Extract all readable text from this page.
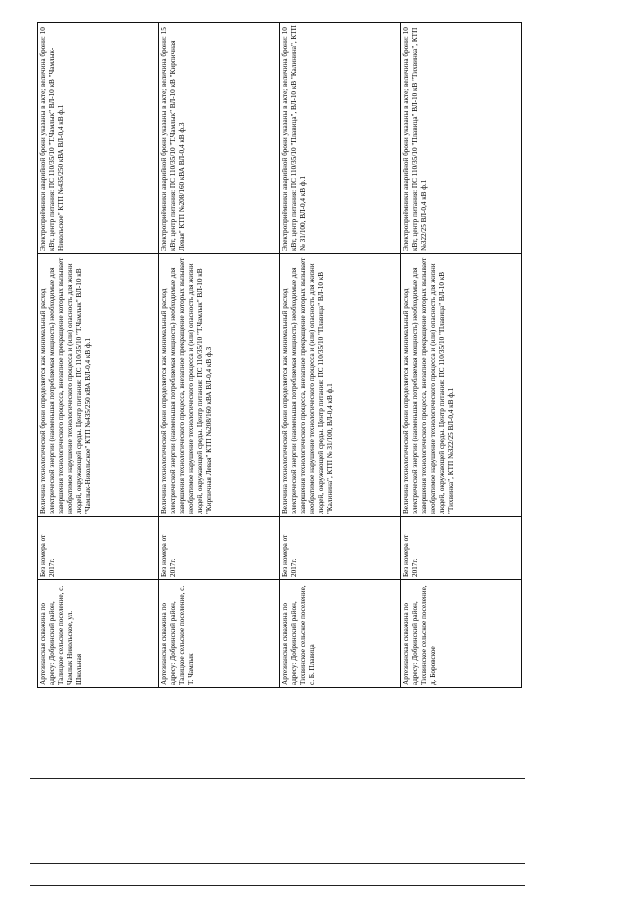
Артезианская скважина по адресу: Добринский район, Талицкое сельское поселение, с. Чамлык Никольское, ул. Школьная	Без номера от 2017г.	Величина технологической брони определяется как минимальный расход электрической энергии (наименьшая потребляемая мощность) необходимые для завершения технологического процесса, внезапное прекращение которых вызывает необратимое нарушение технологического процесса и (или) опасность для жизни людей, окружающей среды. Центр питания: ПС 110/35/10 "Т.Чамлык" ВЛ-10 кВ "Чамлык-Никольское" КТП №435/250 кВА ВЛ-0,4 кВ ф.1	Электроприёмники аварийной брони указаны в акте; величина брони: 10 кВт, центр питания: ПС 110/35/10 "Т.Чамлык" ВЛ-10 кВ "Чамлык-Никольское" КТП №435/250 кВА ВЛ-0,4 кВ ф.1
Артезианская скважина по адресу: Добринский район, Талицкое сельское поселение, с. Т. Чамлык	Без номера от 2017г.	Величина технологической брони определяется как минимальный расход электрической энергии (наименьшая потребляемая мощность) необходимые для завершения технологического процесса, внезапное прекращение которых вызывает необратимое нарушение технологического процесса и (или) опасность для жизни людей, окружающей среды. Центр питания: ПС 110/35/10 "Т.Чамлык" ВЛ-10 кВ "Кирпичная Левая" КТП №208/160 кВА ВЛ-0,4 кВ ф.3	Электроприёмники аварийной брони указаны в акте; величина брони: 15 кВт, центр питания: ПС 110/35/10 "Т.Чамлык" ВЛ-10 кВ "Кирпичная Левая" КТП №208/160 кВА ВЛ-0,4 кВ ф.3
Артезианская скважина по адресу: Добринский район, Тихвинское сельское поселение, с. Б. Плавица	Без номера от 2017г.	Величина технологической брони определяется как минимальный расход электрической энергии (наименьшая потребляемая мощность) необходимые для завершения технологического процесса, внезапное прекращение которых вызывает необратимое нарушение технологического процесса и (или) опасность для жизни людей, окружающей среды. Центр питания: ПС 110/35/10 "Плавица" ВЛ-10 кВ "Калинина", КТП № 31/100, ВЛ-0,4 кВ ф.1	Электроприёмники аварийной брони указаны в акте; величина брони: 10 кВт, центр питания: ПС 110/35/10 "Плавица", ВЛ-10 кВ "Калинина", КТП № 31/100, ВЛ-0,4 кВ ф.1
Артезианская скважина по адресу: Добринский район, Тихвинское сельское поселение, д. Боровское	Без номера от 2017г.	Величина технологической брони определяется как минимальный расход электрической энергии (наименьшая потребляемая мощность) необходимые для завершения технологического процесса, внезапное прекращение которых вызывает необратимое нарушение технологического процесса и (или) опасность для жизни людей, окружающей среды. Центр питания: ПС 110/35/10 "Плавица" ВЛ-10 кВ "Тихвинка", КТП №322/25 ВЛ-0,4 кВ ф.1	Электроприёмники аварийной брони указаны в акте; величина брони: 10 кВт, центр питания: ПС 110/35/10 "Плавица" ВЛ-10 кВ "Тихвинка", КТП №322/25 ВЛ-0,4 кВ ф.1
